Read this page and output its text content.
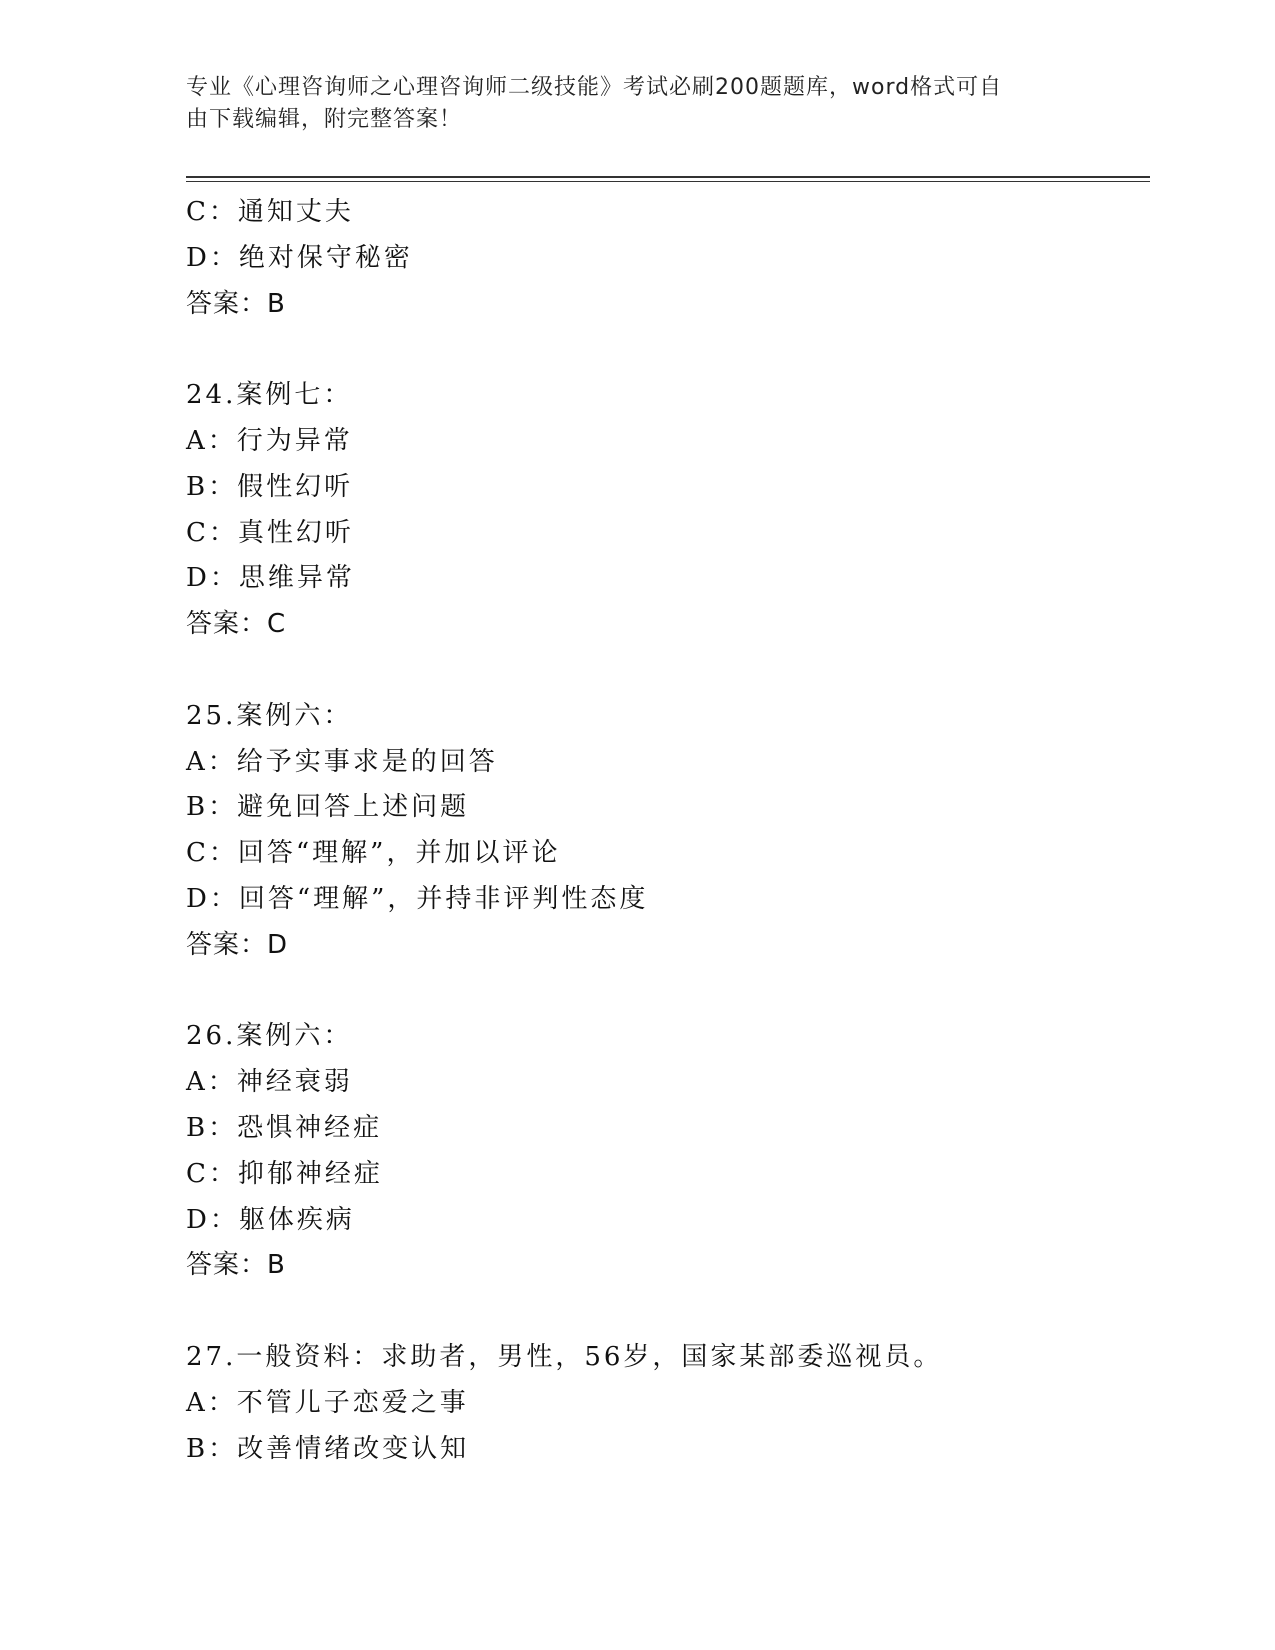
专业《心理咨询师之心理咨询师二级技能》考试必刷200题题库，word格式可自
由下载编辑，附完整答案！
C：通知丈夫
D：绝对保守秘密
答案：B
24.案例七：
A：行为异常
B：假性幻听
C：真性幻听
D：思维异常
答案：C
25.案例六：
A：给予实事求是的回答
B：避免回答上述问题
C：回答“理解”，并加以评论
D：回答“理解”，并持非评判性态度
答案：D
26.案例六：
A：神经衰弱
B：恐惧神经症
C：抑郁神经症
D：躯体疾病
答案：B
27.一般资料：求助者，男性，56岁，国家某部委巡视员。
A：不管儿子恋爱之事
B：改善情绪改变认知
